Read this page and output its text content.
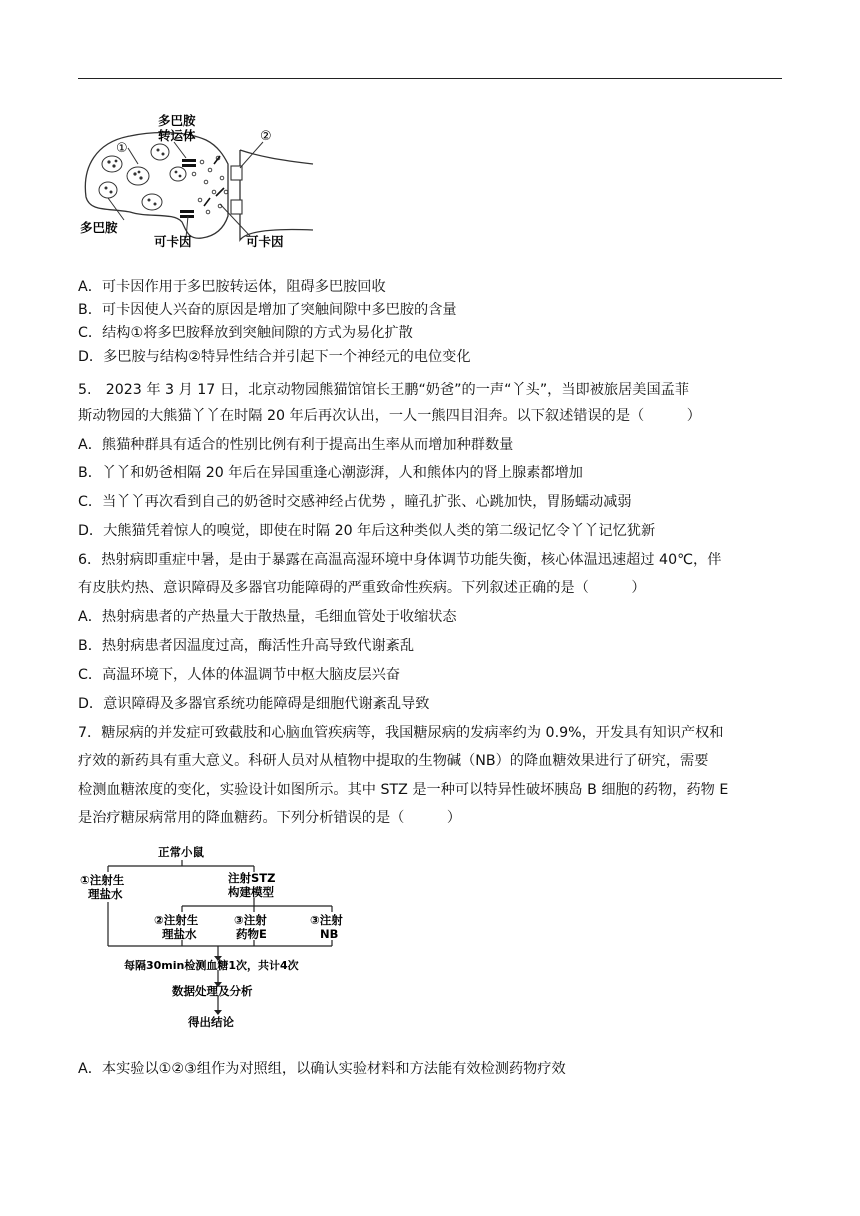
①
多巴胺
转运体	②
多巴胺
可卡因	可卡因
A．可卡因作用于多巴胺转运体，阻碍多巴胺回收
B．可卡因使人兴奋的原因是增加了突触间隙中多巴胺的含量
C．结构①将多巴胺释放到突触间隙的方式为易化扩散
D．多巴胺与结构②特异性结合并引起下一个神经元的电位变化
5.　2023 年 3 月 17 日，北京动物园熊猫馆馆长王鹏“奶爸”的一声“丫头”，当即被旅居美国孟菲
斯动物园的大熊猫丫丫在时隔 20 年后再次认出，一人一熊四目泪奔。以下叙述错误的是（　　　）
A．熊猫种群具有适合的性别比例有利于提高出生率从而增加种群数量
B．丫丫和奶爸相隔 20 年后在异国重逢心潮澎湃，人和熊体内的肾上腺素都增加
C．当丫丫再次看到自己的奶爸时交感神经占优势 ，瞳孔扩张、心跳加快，胃肠蠕动减弱
D．大熊猫凭着惊人的嗅觉，即使在时隔 20 年后这种类似人类的第二级记忆令丫丫记忆犹新
6．热射病即重症中暑，是由于暴露在高温高湿环境中身体调节功能失衡，核心体温迅速超过 40℃，伴
有皮肤灼热、意识障碍及多器官功能障碍的严重致命性疾病。下列叙述正确的是（　　　）
A．热射病患者的产热量大于散热量，毛细血管处于收缩状态
B．热射病患者因温度过高，酶活性升高导致代谢紊乱
C．高温环境下，人体的体温调节中枢大脑皮层兴奋
D．意识障碍及多器官系统功能障碍是细胞代谢紊乱导致
7．糖尿病的并发症可致截肢和心脑血管疾病等，我国糖尿病的发病率约为 0.9%，开发具有知识产权和
疗效的新药具有重大意义。科研人员对从植物中提取的生物碱（NB）的降血糖效果进行了研究，需要
检测血糖浓度的变化，实验设计如图所示。其中 STZ 是一种可以特异性破坏胰岛 B 细胞的药物，药物 E
是治疗糖尿病常用的降血糖药。下列分析错误的是（　　　）
正常小鼠
①注射生
理盐水
注射STZ
构建模型
②注射生
理盐水
③注射
药物E
③注射
NB
每隔30min检测血糖1次，共计4次
数据处理及分析
得出结论
A．本实验以①②③组作为对照组，以确认实验材料和方法能有效检测药物疗效
